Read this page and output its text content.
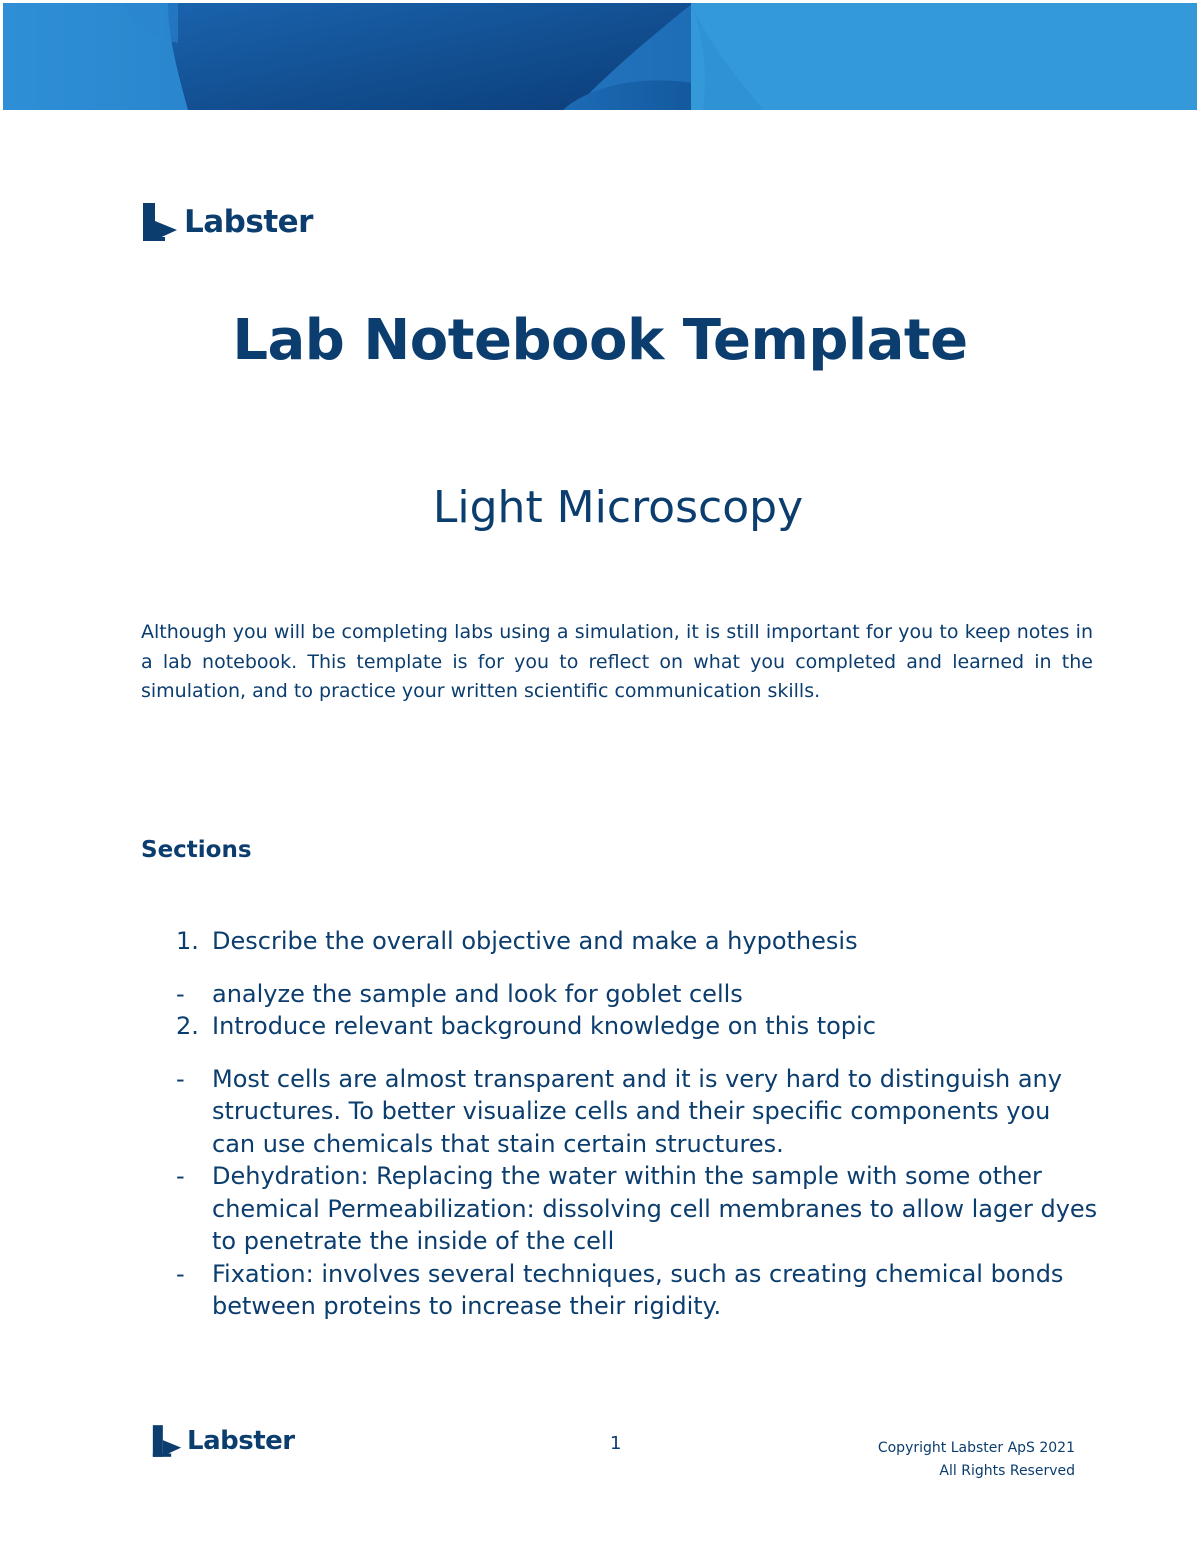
Labster
Lab Notebook Template
Light Microscopy
Although you will be completing labs using a simulation, it is still important for you to keep notes in a lab notebook. This template is for you to reflect on what you completed and learned in the simulation, and to practice your written scientific communication skills.
Sections
1. Describe the overall objective and make a hypothesis
-	analyze the sample and look for goblet cells
2. Introduce relevant background knowledge on this topic
-	Most cells are almost transparent and it is very hard to distinguish any structures. To better visualize cells and their specific components you can use chemicals that stain certain structures.
-	Dehydration: Replacing the water within the sample with some other chemical Permeabilization: dissolving cell membranes to allow lager dyes to penetrate the inside of the cell
-	Fixation: involves several techniques, such as creating chemical bonds between proteins to increase their rigidity.
Labster	1	Copyright Labster ApS 2021
All Rights Reserved
